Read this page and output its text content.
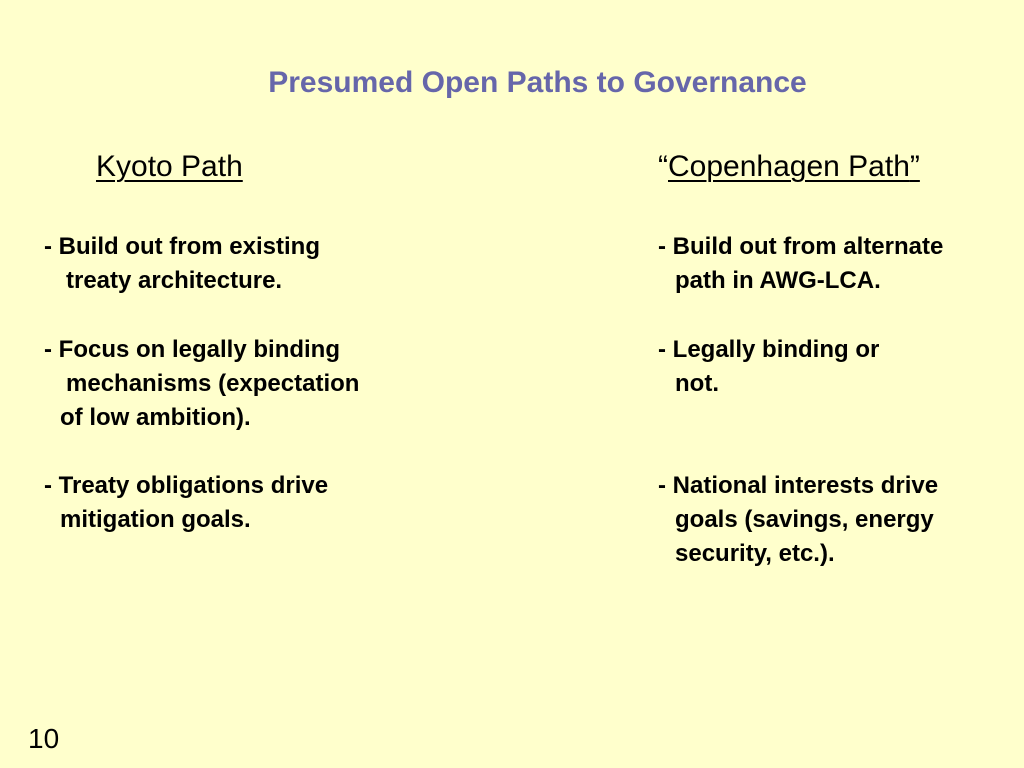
Presumed Open Paths to Governance
Kyoto Path
- Build out from existing
treaty architecture.
- Focus on legally binding
mechanisms (expectation
of low ambition).
- Treaty obligations drive
mitigation goals.
“Copenhagen Path”
- Build out from alternate
path in AWG-LCA.
- Legally binding or
not.
- National interests drive
goals (savings, energy
security, etc.).
10
